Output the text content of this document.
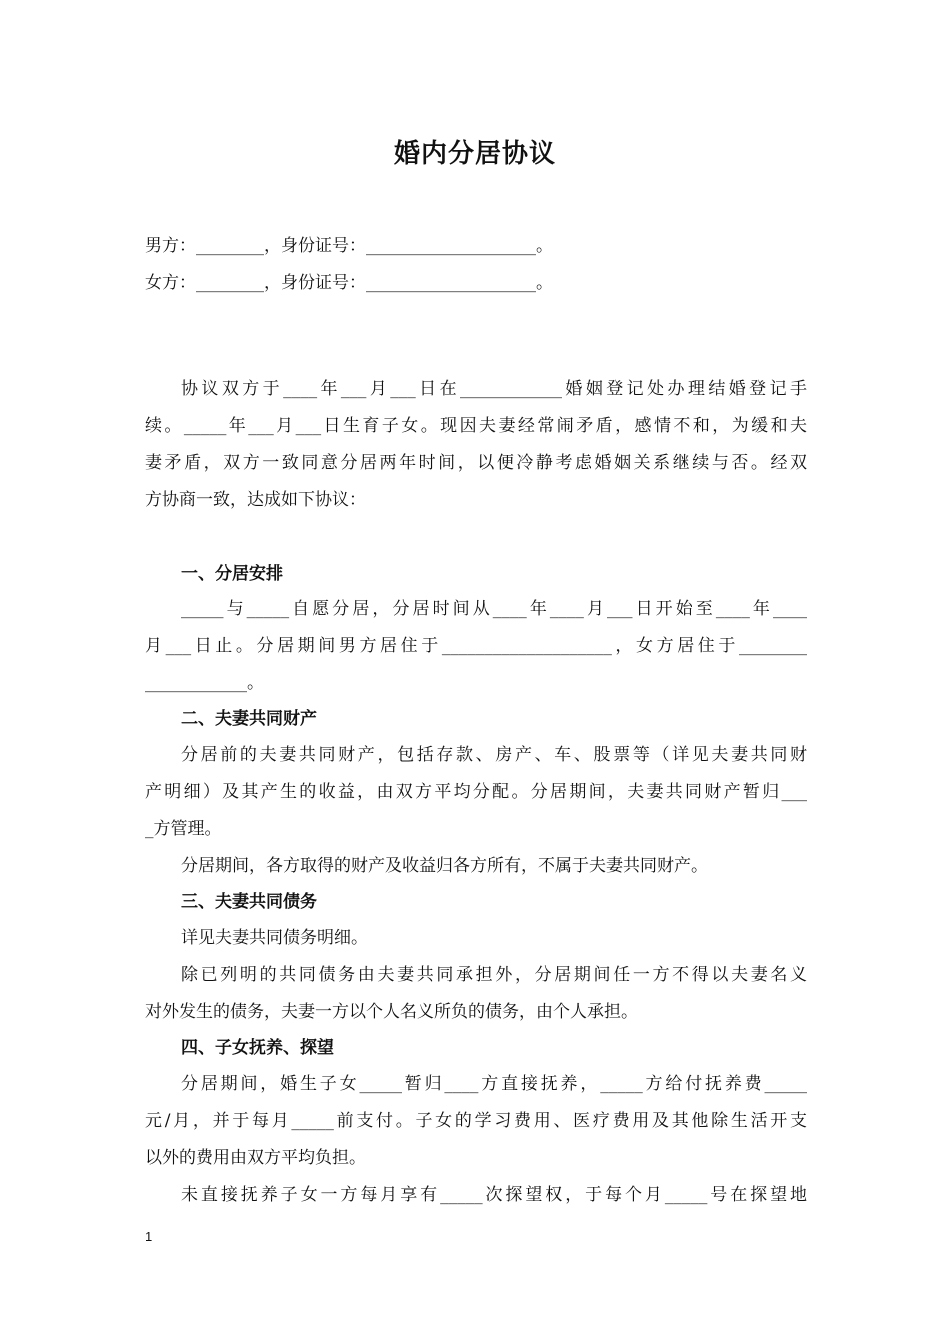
婚内分居协议
男方：________，身份证号：____________________。
女方：________，身份证号：____________________。
协议双方于____年___月___日在____________婚姻登记处办理结婚登记手
续。_____年___月___日生育子女。现因夫妻经常闹矛盾，感情不和，为缓和夫
妻矛盾，双方一致同意分居两年时间，以便冷静考虑婚姻关系继续与否。经双
方协商一致，达成如下协议：
一、分居安排
_____与_____自愿分居，分居时间从____年____月___日开始至____年____
月___日止。分居期间男方居住于____________________，女方居住于________
____________。
二、夫妻共同财产
分居前的夫妻共同财产，包括存款、房产、车、股票等（详见夫妻共同财
产明细）及其产生的收益，由双方平均分配。分居期间，夫妻共同财产暂归___
_方管理。
分居期间，各方取得的财产及收益归各方所有，不属于夫妻共同财产。
三、夫妻共同债务
详见夫妻共同债务明细。
除已列明的共同债务由夫妻共同承担外，分居期间任一方不得以夫妻名义
对外发生的债务，夫妻一方以个人名义所负的债务，由个人承担。
四、子女抚养、探望
分居期间，婚生子女_____暂归____方直接抚养，_____方给付抚养费_____
元/月，并于每月_____前支付。子女的学习费用、医疗费用及其他除生活开支
以外的费用由双方平均负担。
未直接抚养子女一方每月享有_____次探望权，于每个月_____号在探望地
1
